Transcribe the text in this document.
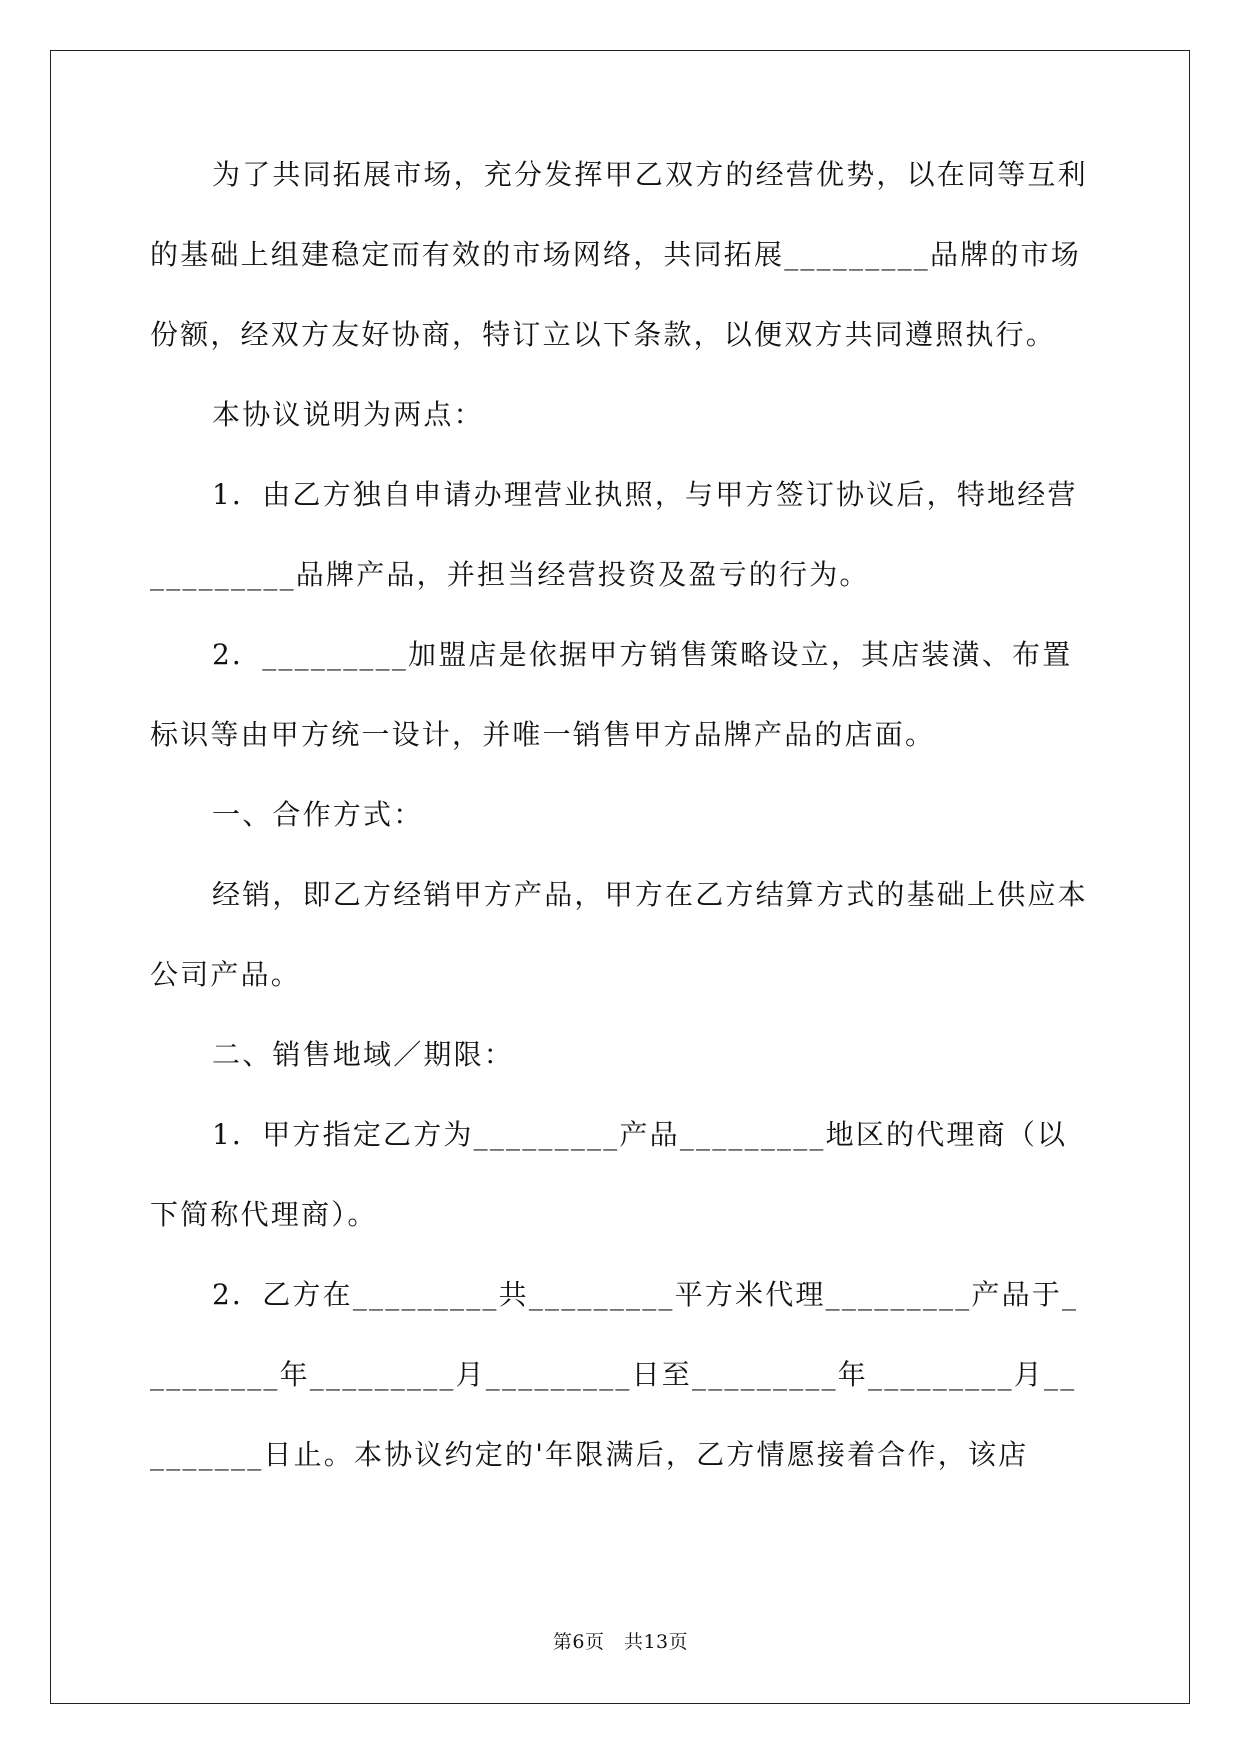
为了共同拓展市场，充分发挥甲乙双方的经营优势，以在同等互利的基础上组建稳定而有效的市场网络，共同拓展_________品牌的市场份额，经双方友好协商，特订立以下条款，以便双方共同遵照执行。

本协议说明为两点：

1．由乙方独自申请办理营业执照，与甲方签订协议后，特地经营_________品牌产品，并担当经营投资及盈亏的行为。

2．_________加盟店是依据甲方销售策略设立，其店装潢、布置标识等由甲方统一设计，并唯一销售甲方品牌产品的店面。

一、合作方式：

经销，即乙方经销甲方产品，甲方在乙方结算方式的基础上供应本公司产品。

二、销售地域／期限：

1．甲方指定乙方为_________产品_________地区的代理商（以下简称代理商）。

2．乙方在_________共_________平方米代理_________产品于_________年_________月_________日至_________年_________月_________日止。本协议约定的'年限满后，乙方情愿接着合作，该店

第6页　共13页
